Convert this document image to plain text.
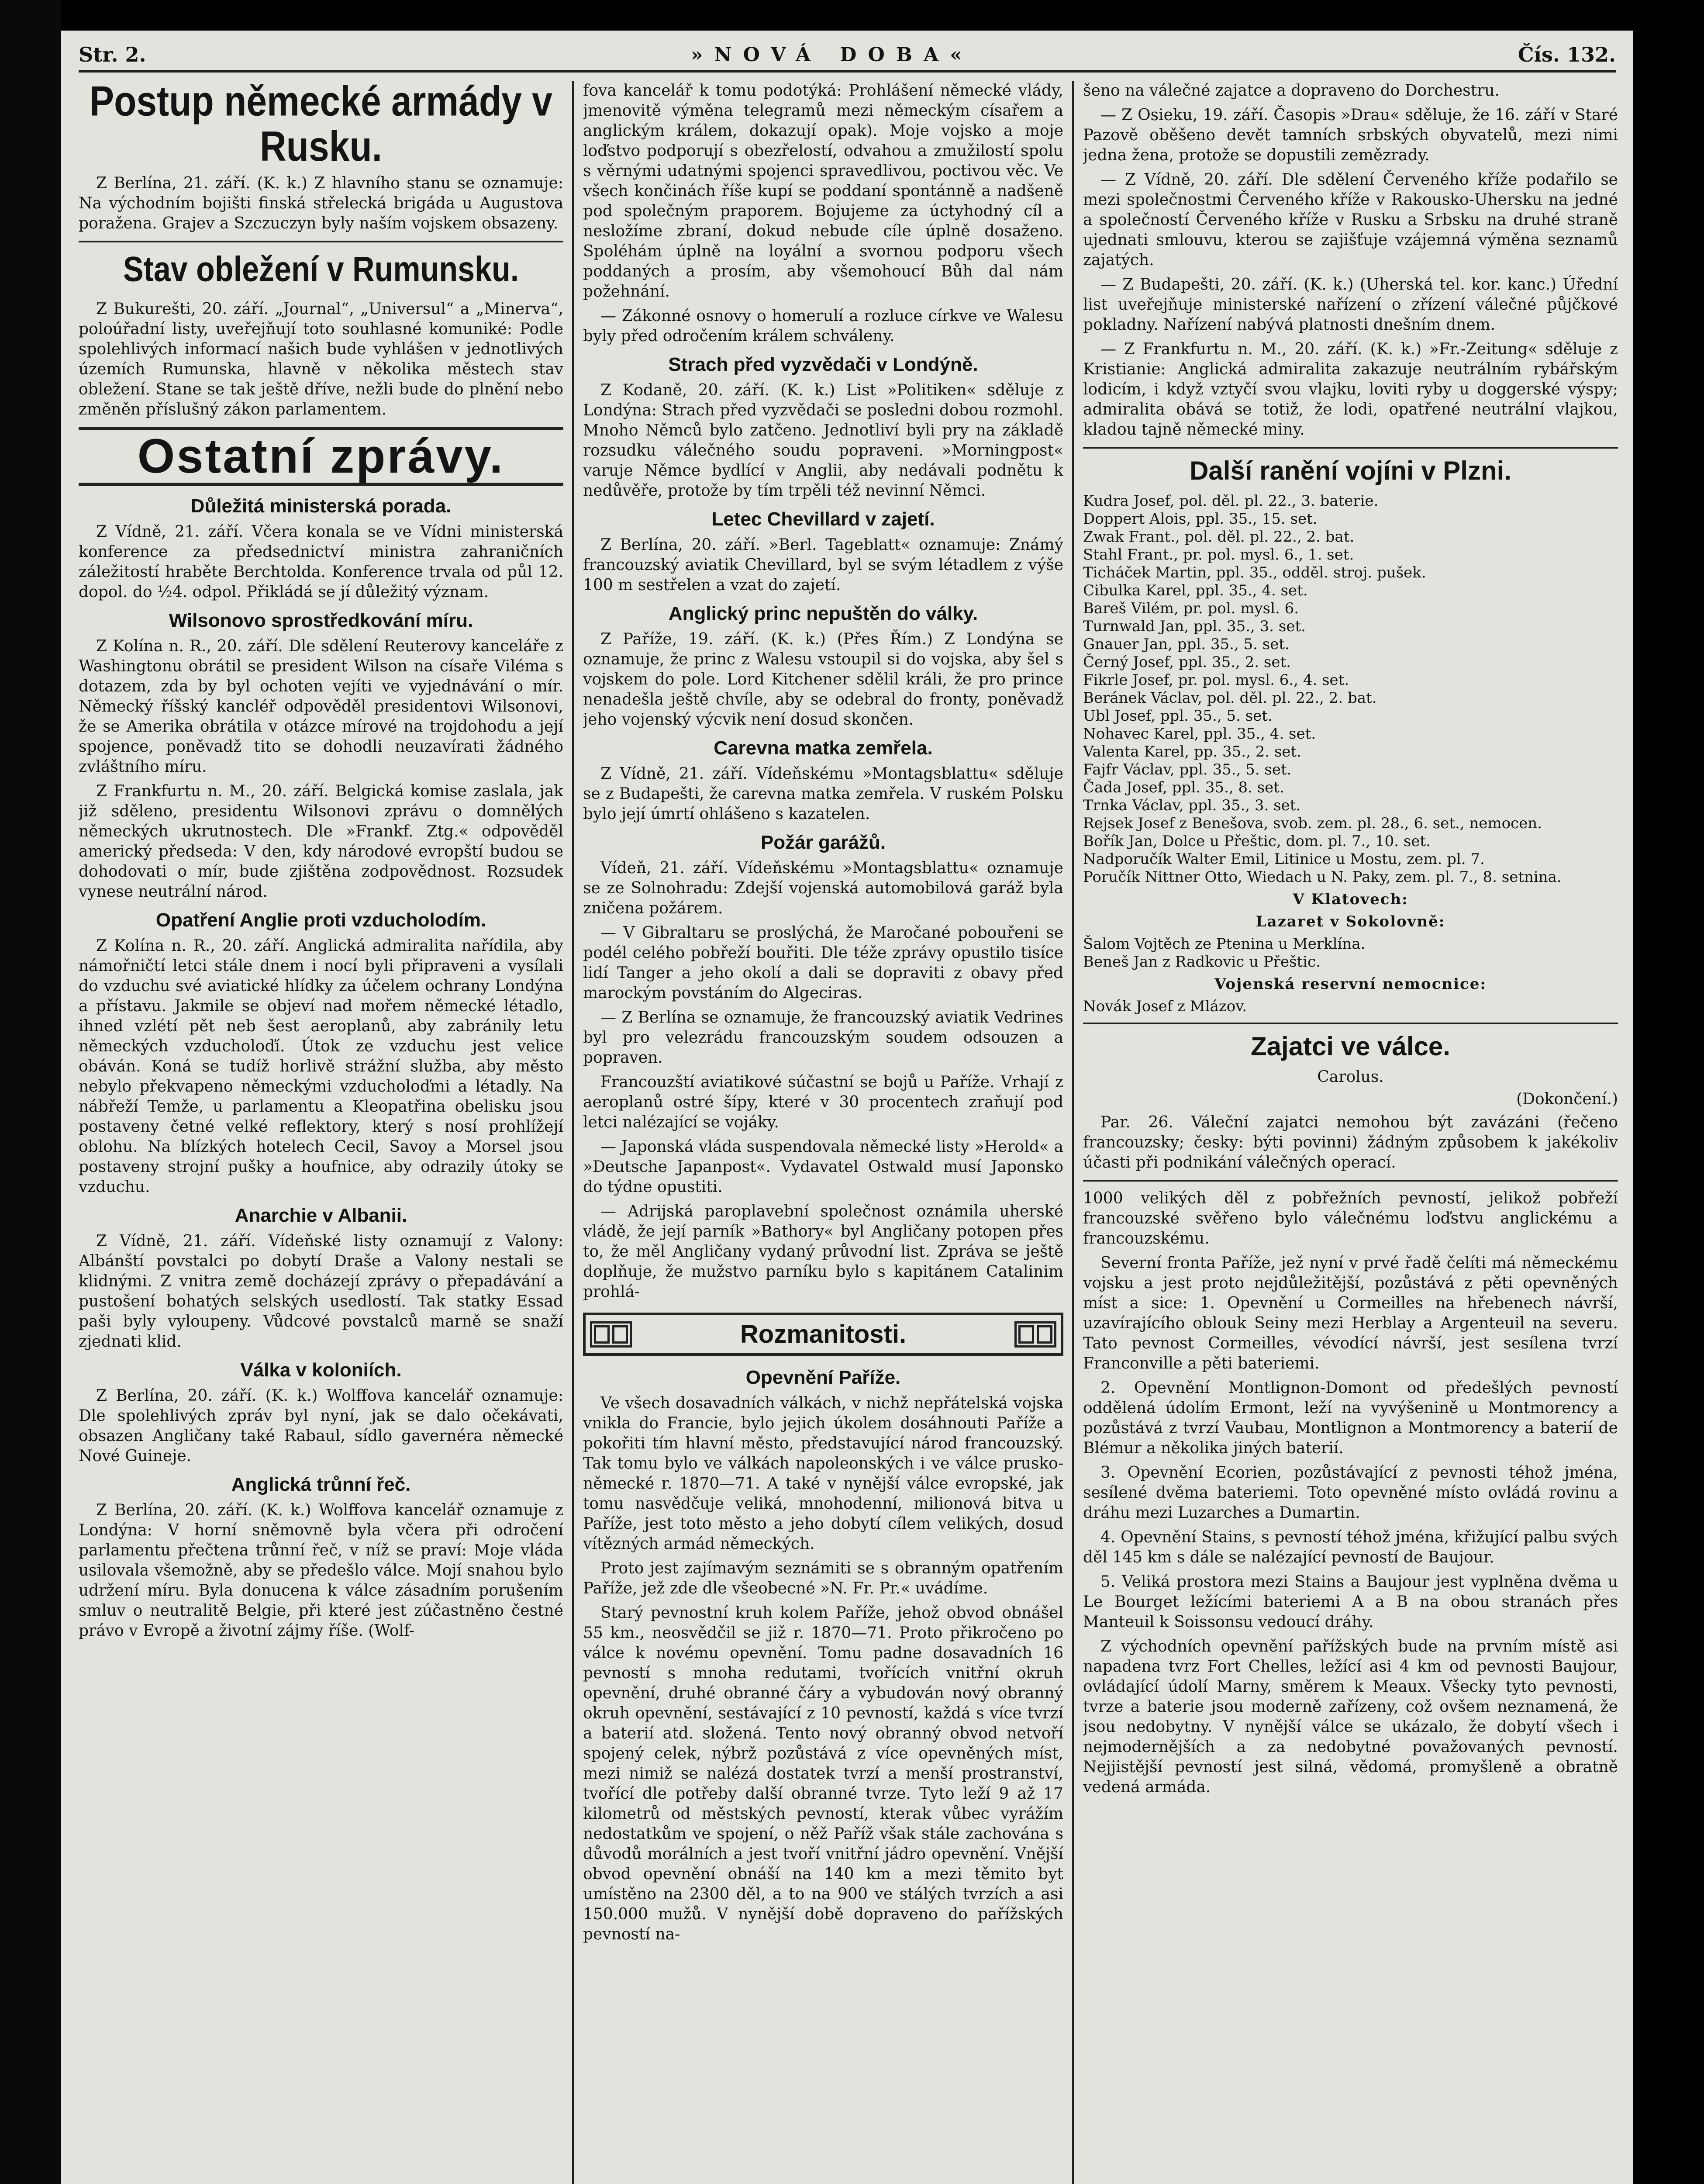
Str. 2.	»NOVÁ DOBA«	Čís. 132.
Postup německé armády v Rusku.

Z Berlína, 21. září. (K. k.) Z hlavního stanu se oznamuje: Na východním bojišti finská střelecká brigáda u Augustova poražena. Grajev a Szczuczyn byly naším vojskem obsazeny.

Stav obležení v Rumunsku.

Z Bukurešti, 20. září. „Journal“, „Universul“ a „Minerva“, poloúřadní listy, uveřejňují toto souhlasné komuniké: Podle spolehlivých informací našich bude vyhlášen v jednotlivých územích Rumunska, hlavně v několika městech stav obležení. Stane se tak ještě dříve, nežli bude do plnění nebo změněn příslušný zákon parlamentem.

Ostatní zprávy.
Důležitá ministerská porada.

Z Vídně, 21. září. Včera konala se ve Vídni ministerská konference za předsednictví ministra zahraničních záležitostí hraběte Berchtolda. Konference trvala od půl 12. dopol. do ½4. odpol. Přikládá se jí důležitý význam.

Wilsonovo sprostředkování míru.

Z Kolína n. R., 20. září. Dle sdělení Reuterovy kanceláře z Washingtonu obrátil se president Wilson na císaře Viléma s dotazem, zda by byl ochoten vejíti ve vyjednávání o mír. Německý říšský kancléř odpověděl presidentovi Wilsonovi, že se Amerika obrátila v otázce mírové na trojdohodu a její spojence, poněvadž tito se dohodli neuzavírati žádného zvláštního míru.

Z Frankfurtu n. M., 20. září. Belgická komise zaslala, jak již sděleno, presidentu Wilsonovi zprávu o domnělých německých ukrutnostech. Dle »Frankf. Ztg.« odpověděl americký předseda: V den, kdy národové evropští budou se dohodovati o mír, bude zjištěna zodpovědnost. Rozsudek vynese neutrální národ.

Opatření Anglie proti vzducholodím.

Z Kolína n. R., 20. září. Anglická admiralita nařídila, aby námořničtí letci stále dnem i nocí byli připraveni a vysílali do vzduchu své aviatické hlídky za účelem ochrany Londýna a přístavu. Jakmile se objeví nad mořem německé létadlo, ihned vzlétí pět neb šest aeroplanů, aby zabránily letu německých vzducholoďí. Útok ze vzduchu jest velice obáván. Koná se tudíž horlivě strážní služba, aby město nebylo překvapeno německými vzducholoďmi a létadly. Na nábřeží Temže, u parlamentu a Kleopatřina obelisku jsou postaveny četné velké reflektory, který s nosí prohlížejí oblohu. Na blízkých hotelech Cecil, Savoy a Morsel jsou postaveny strojní pušky a houfnice, aby odrazily útoky se vzduchu.

Anarchie v Albanii.

Z Vídně, 21. září. Vídeňské listy oznamují z Valony: Albánští povstalci po dobytí Draše a Valony nestali se klidnými. Z vnitra země docházejí zprávy o přepadávání a pustošení bohatých selských usedlostí. Tak statky Essad paši byly vyloupeny. Vůdcové povstalců marně se snaží zjednati klid.

Válka v koloniích.

Z Berlína, 20. září. (K. k.) Wolffova kancelář oznamuje: Dle spolehlivých zpráv byl nyní, jak se dalo očekávati, obsazen Angličany také Rabaul, sídlo gavernéra německé Nové Guineje.

Anglická trůnní řeč.

Z Berlína, 20. září. (K. k.) Wolffova kancelář oznamuje z Londýna: V horní sněmovně byla včera při odročení parlamentu přečtena trůnní řeč, v níž se praví: Moje vláda usilovala všemožně, aby se předešlo válce. Mojí snahou bylo udržení míru. Byla donucena k válce zásadním porušením smluv o neutralitě Belgie, při které jest zúčastněno čestné právo v Evropě a životní zájmy říše. (Wolf-

fova kancelář k tomu podotýká: Prohlášení německé vlády, jmenovitě výměna telegramů mezi německým císařem a anglickým králem, dokazují opak). Moje vojsko a moje loďstvo podporují s obezřelostí, odvahou a zmužilostí spolu s věrnými udatnými spojenci spravedlivou, poctivou věc. Ve všech končinách říše kupí se poddaní spontánně a nadšeně pod společným praporem. Bojujeme za úctyhodný cíl a nesložíme zbraní, dokud nebude cíle úplně dosaženo. Spoléhám úplně na loyální a svornou podporu všech poddaných a prosím, aby všemohoucí Bůh dal nám požehnání.

— Zákonné osnovy o homerulí a rozluce církve ve Walesu byly před odročením králem schváleny.

Strach před vyzvědači v Londýně.

Z Kodaně, 20. září. (K. k.) List »Politiken« sděluje z Londýna: Strach před vyzvědači se posledni dobou rozmohl. Mnoho Němců bylo zatčeno. Jednotliví byli pry na základě rozsudku válečného soudu popraveni. »Morningpost« varuje Němce bydlící v Anglii, aby nedávali podnětu k nedůvěře, protože by tím trpěli též nevinní Němci.

Letec Chevillard v zajetí.

Z Berlína, 20. září. »Berl. Tageblatt« oznamuje: Známý francouzský aviatik Chevillard, byl se svým létadlem z výše 100 m sestřelen a vzat do zajetí.

Anglický princ nepuštěn do války.

Z Paříže, 19. září. (K. k.) (Přes Řím.) Z Londýna se oznamuje, že princ z Walesu vstoupil si do vojska, aby šel s vojskem do pole. Lord Kitchener sdělil králi, že pro prince nenadešla ještě chvíle, aby se odebral do fronty, poněvadž jeho vojenský výcvik není dosud skončen.

Carevna matka zemřela.

Z Vídně, 21. září. Vídeňskému »Montagsblattu« sděluje se z Budapešti, že carevna matka zemřela. V ruském Polsku bylo její úmrtí ohlášeno s kazatelen.

Požár garážů.

Vídeň, 21. září. Vídeňskému »Montagsblattu« oznamuje se ze Solnohradu: Zdejší vojenská automobilová garáž byla zničena požárem.

— V Gibraltaru se proslýchá, že Maročané pobouřeni se podél celého pobřeží bouřiti. Dle téže zprávy opustilo tisíce lidí Tanger a jeho okolí a dali se dopraviti z obavy před marockým povstáním do Algeciras.

— Z Berlína se oznamuje, že francouzský aviatik Vedrines byl pro velezrádu francouzským soudem odsouzen a popraven.

Francouzští aviatikové súčastní se bojů u Paříže. Vrhají z aeroplanů ostré šípy, které v 30 procentech zraňují pod letci nalézající se vojáky.

— Japonská vláda suspendovala německé listy »Herold« a »Deutsche Japanpost«. Vydavatel Ostwald musí Japonsko do týdne opustiti.

— Adrijská paroplavební společnost oznámila uherské vládě, že její parník »Bathory« byl Angličany potopen přes to, že měl Angličany vydaný průvodní list. Zpráva se ještě doplňuje, že mužstvo parníku bylo s kapitánem Catalinim prohlá-

Rozmanitosti.
Opevnění Paříže.

Ve všech dosavadních válkách, v nichž nepřátelská vojska vnikla do Francie, bylo jejich úkolem dosáhnouti Paříže a pokořiti tím hlavní město, představující národ francouzský. Tak tomu bylo ve válkách napoleonských i ve válce prusko-německé r. 1870—71. A také v nynější válce evropské, jak tomu nasvědčuje veliká, mnohodenní, milionová bitva u Paříže, jest toto město a jeho dobytí cílem velikých, dosud vítězných armád německých.

Proto jest zajímavým seznámiti se s obranným opatřením Paříže, jež zde dle všeobecné »N. Fr. Pr.« uvádíme.

Starý pevnostní kruh kolem Paříže, jehož obvod obnášel 55 km., neosvědčil se již r. 1870—71. Proto přikročeno po válce k novému opevnění. Tomu padne dosavadních 16 pevností s mnoha redutami, tvořících vnitřní okruh opevnění, druhé obranné čáry a vybudován nový obranný okruh opevnění, sestávající z 10 pevností, každá s více tvrzí a baterií atd. složená. Tento nový obranný obvod netvoří spojený celek, nýbrž pozůstává z více opevněných míst, mezi nimiž se nalézá dostatek tvrzí a menší prostranství, tvořící dle potřeby další obranné tvrze. Tyto leží 9 až 17 kilometrů od městských pevností, kterak vůbec vyrážím nedostatkům ve spojení, o něž Paříž však stále zachována s důvodů morálních a jest tvoří vnitřní jádro opevnění. Vnější obvod opevnění obnáší na 140 km a mezi těmito byt umístěno na 2300 děl, a to na 900 ve stálých tvrzích a asi 150.000 mužů. V nynější době dopraveno do pařížských pevností na-

šeno na válečné zajatce a dopraveno do Dorchestru.

— Z Osieku, 19. září. Časopis »Drau« sděluje, že 16. září v Staré Pazově oběšeno devět tamních srbských obyvatelů, mezi nimi jedna žena, protože se dopustili zemězrady.

— Z Vídně, 20. září. Dle sdělení Červeného kříže podařilo se mezi společnostmi Červeného kříže v Rakousko-Uhersku na jedné a společností Červeného kříže v Rusku a Srbsku na druhé straně ujednati smlouvu, kterou se zajišťuje vzájemná výměna seznamů zajatých.

— Z Budapešti, 20. září. (K. k.) (Uherská tel. kor. kanc.) Úřední list uveřejňuje ministerské nařízení o zřízení válečné půjčkové pokladny. Nařízení nabývá platnosti dnešním dnem.

— Z Frankfurtu n. M., 20. září. (K. k.) »Fr.-Zeitung« sděluje z Kristianie: Anglická admiralita zakazuje neutrálním rybářským lodicím, i když vztyčí svou vlajku, loviti ryby u doggerské výspy; admiralita obává se totiž, že lodi, opatřené neutrální vlajkou, kladou tajně německé miny.

Další ranění vojíni v Plzni.
Kudra Josef, pol. děl. pl. 22., 3. baterie.
Doppert Alois, ppl. 35., 15. set.
Zwak Frant., pol. děl. pl. 22., 2. bat.
Stahl Frant., pr. pol. mysl. 6., 1. set.
Ticháček Martin, ppl. 35., odděl. stroj. pušek.
Cibulka Karel, ppl. 35., 4. set.
Bareš Vilém, pr. pol. mysl. 6.
Turnwald Jan, ppl. 35., 3. set.
Gnauer Jan, ppl. 35., 5. set.
Černý Josef, ppl. 35., 2. set.
Fikrle Josef, pr. pol. mysl. 6., 4. set.
Beránek Václav, pol. děl. pl. 22., 2. bat.
Ubl Josef, ppl. 35., 5. set.
Nohavec Karel, ppl. 35., 4. set.
Valenta Karel, pp. 35., 2. set.
Fajfr Václav, ppl. 35., 5. set.
Čada Josef, ppl. 35., 8. set.
Trnka Václav, ppl. 35., 3. set.
Rejsek Josef z Benešova, svob. zem. pl. 28., 6. set., nemocen.
Bořík Jan, Dolce u Přeštic, dom. pl. 7., 10. set.
Nadporučík Walter Emil, Litinice u Mostu, zem. pl. 7.
Poručík Nittner Otto, Wiedach u N. Paky, zem. pl. 7., 8. setnina.
V Klatovech:
Lazaret v Sokolovně:
Šalom Vojtěch ze Ptenina u Merklína.
Beneš Jan z Radkovic u Přeštic.
Vojenská reservní nemocnice:
Novák Josef z Mlázov.
Zajatci ve válce.
Carolus.
(Dokončení.)

Par. 26. Váleční zajatci nemohou být zavázáni (řečeno francouzsky; česky: býti povinni) žádným způsobem k jakékoliv účasti při podnikání válečných operací.

1000 velikých děl z pobřežních pevností, jelikož pobřeží francouzské svěřeno bylo válečnému loďstvu anglickému a francouzskému.

Severní fronta Paříže, jež nyní v prvé řadě čelíti má německému vojsku a jest proto nejdůležitější, pozůstává z pěti opevněných míst a sice: 1. Opevnění u Cormeilles na hřebenech návrší, uzavírajícího oblouk Seiny mezi Herblay a Argenteuil na severu. Tato pevnost Cormeilles, vévodící návrší, jest sesílena tvrzí Franconville a pěti bateriemi.

2. Opevnění Montlignon-Domont od předešlých pevností oddělená údolím Ermont, leží na vyvýšenině u Montmorency a pozůstává z tvrzí Vaubau, Montlignon a Montmorency a baterií de Blémur a několika jiných baterií.

3. Opevnění Ecorien, pozůstávající z pevnosti téhož jména, sesílené dvěma bateriemi. Toto opevněné místo ovládá rovinu a dráhu mezi Luzarches a Dumartin.

4. Opevnění Stains, s pevností téhož jména, křižující palbu svých děl 145 km s dále se nalézající pevností de Baujour.

5. Veliká prostora mezi Stains a Baujour jest vyplněna dvěma u Le Bourget ležícími bateriemi A a B na obou stranách přes Manteuil k Soissonsu vedoucí dráhy.

Z východních opevnění pařížských bude na prvním místě asi napadena tvrz Fort Chelles, ležící asi 4 km od pevnosti Baujour, ovládající údolí Marny, směrem k Meaux. Všecky tyto pevnosti, tvrze a baterie jsou moderně zařízeny, což ovšem neznamená, že jsou nedobytny. V nynější válce se ukázalo, že dobytí všech i nejmodernějších a za nedobytné považovaných pevností. Nejjistější pevností jest silná, vědomá, promyšleně a obratně vedená armáda.
